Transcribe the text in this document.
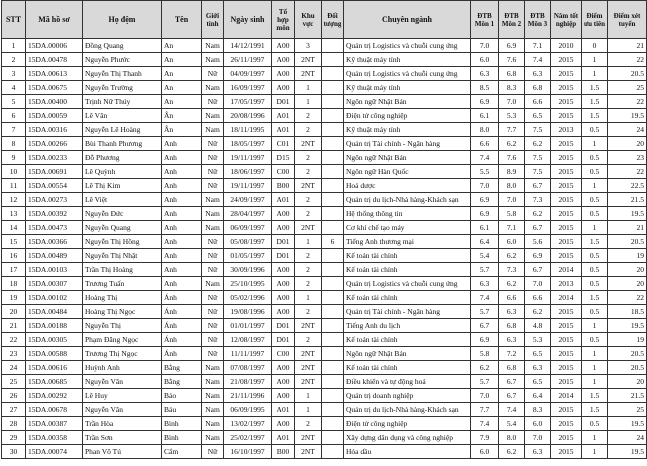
STT	Mã hồ sơ	Họ đệm	Tên	Giới tính	Ngày sinh	Tổ hợp môn	Khu vực	Đối tượng	Chuyên ngành	ĐTB Môn 1	ĐTB Môn 2	ĐTB Môn 3	Năm tốt nghiệp	Điểm ưu tiên	Điểm xét tuyển
1	15DA.00006	Đồng Quang	An	Nam	14/12/1991	A00	3		Quản trị Logistics và chuỗi cung ứng	7.0	6.9	7.1	2010	0	21
2	15DA.00478	Nguyễn Phước	An	Nam	26/11/1997	A00	2NT		Kỹ thuật máy tính	6.0	7.6	7.4	2015	1	22
3	15DA.00613	Nguyễn Thị Thanh	An	Nữ	04/09/1997	A00	2NT		Quản trị Logistics và chuỗi cung ứng	6.3	6.8	6.3	2015	1	20.5
4	15DA.00675	Nguyễn Trường	An	Nam	16/09/1997	A00	1		Kỹ thuật máy tính	8.5	8.3	6.8	2015	1.5	25
5	15DA.00400	Trịnh Nữ Thúy	An	Nữ	17/05/1997	D01	1		Ngôn ngữ Nhật Bản	6.9	7.0	6.6	2015	1.5	22
6	15DA.00059	Lê Văn	Ân	Nam	20/08/1996	A01	2		Điện tử công nghiệp	6.1	5.3	6.5	2015	1.5	19.5
7	15DA.00316	Nguyễn Lê Hoàng	Ân	Nam	18/11/1995	A01	2		Kỹ thuật máy tính	8.0	7.7	7.5	2013	0.5	24
8	15DA.00266	Bùi Thanh Phương	Anh	Nữ	18/05/1997	C01	2NT		Quản trị Tài chính - Ngân hàng	6.6	6.2	6.2	2015	1	20
9	15DA.00233	Đỗ Phương	Anh	Nữ	19/11/1997	D15	2		Ngôn ngữ Nhật Bản	7.4	7.6	7.5	2015	0.5	23
10	15DA.00691	Lê Quỳnh	Anh	Nữ	18/06/1997	C00	2		Ngôn ngữ Hàn Quốc	5.5	8.9	7.5	2015	0.5	22
11	15DA.00554	Lê Thị Kim	Anh	Nữ	19/11/1997	B00	2NT		Hoá dược	7.0	8.0	6.7	2015	1	22.5
12	15DA.00273	Lê Việt	Anh	Nam	24/09/1997	A01	2		Quản trị du lịch-Nhà hàng-Khách sạn	6.9	7.0	7.3	2015	0.5	21.5
13	15DA.00392	Nguyễn Đức	Anh	Nam	28/04/1997	A00	2		Hệ thống thông tin	6.9	5.8	6.2	2015	0.5	19.5
14	15DA.00473	Nguyễn Quang	Anh	Nam	06/09/1997	A00	2NT		Cơ khí chế tạo máy	6.1	7.1	6.7	2015	1	21
15	15DA.00366	Nguyễn Thị Hồng	Anh	Nữ	05/08/1997	D01	1	6	Tiếng Anh thương mại	6.4	6.0	5.6	2015	1.5	20.5
16	15DA.00489	Nguyễn Thị Nhật	Anh	Nữ	01/05/1997	D01	2		Kế toán tài chính	5.4	6.2	6.9	2015	0.5	19
17	15DA.00103	Trần Thị Hoàng	Anh	Nữ	30/09/1996	A00	2		Kế toán tài chính	5.7	7.3	6.7	2014	0.5	20
18	15DA.00307	Trương Tuấn	Anh	Nam	25/10/1995	A00	2		Quản trị Logistics và chuỗi cung ứng	6.3	6.2	7.0	2013	0.5	20
19	15DA.00102	Hoàng Thị	Ánh	Nữ	05/02/1996	A00	1		Kế toán tài chính	7.4	6.6	6.6	2014	1.5	22
20	15DA.00484	Hoàng Thị Ngọc	Ánh	Nữ	19/08/1996	A00	2		Quản trị Tài chính - Ngân hàng	5.7	6.3	6.2	2015	0.5	18.5
21	15DA.00188	Nguyễn Thị	Ánh	Nữ	01/01/1997	D01	2NT		Tiếng Anh du lịch	6.7	6.8	4.8	2015	1	19.5
22	15DA.00305	Phạm Đăng Ngọc	Ánh	Nữ	12/08/1997	D01	2		Kế toán tài chính	6.9	6.3	5.3	2015	0.5	19
23	15DA.00588	Trương Thị Ngọc	Ánh	Nữ	11/11/1997	C00	2NT		Ngôn ngữ Nhật Bản	5.8	7.2	6.5	2015	1	20.5
24	15DA.00616	Huỳnh Anh	Bằng	Nam	07/08/1997	A00	2NT		Kế toán tài chính	6.2	6.8	6.3	2015	1	20.5
25	15DA.00685	Nguyễn Văn	Bằng	Nam	21/08/1997	A00	2NT		Điều khiển và tự động hoá	5.7	6.7	6.5	2015	1	20
26	15DA.00292	Lê Huy	Bảo	Nam	21/11/1996	A00	1		Quản trị doanh nghiệp	7.0	6.7	6.4	2014	1.5	21.5
27	15DA.00678	Nguyễn Văn	Báu	Nam	06/09/1995	A01	1		Quản trị du lịch-Nhà hàng-Khách sạn	7.7	7.4	8.3	2015	1.5	25
28	15DA.00387	Trần Hòa	Bình	Nam	13/02/1997	A00	2		Điện tử công nghiệp	7.4	5.4	6.0	2015	0.5	19.5
29	15DA.00358	Trần Sơn	Bình	Nam	25/02/1997	A01	2NT		Xây dựng dân dụng và công nghiệp	7.9	8.0	7.0	2015	1	24
30	15DA.00074	Phan Võ Tú	Cẩm	Nữ	16/10/1997	B00	2NT		Hóa dầu	6.0	6.2	6.3	2015	1	19.5
